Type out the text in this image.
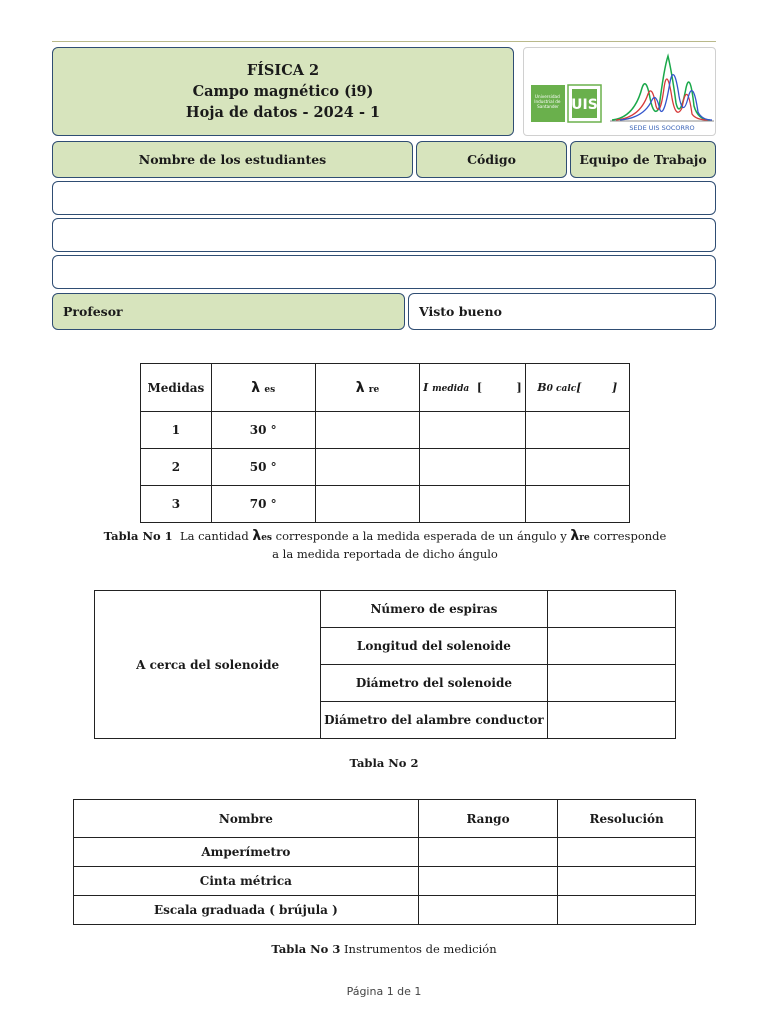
FÍSICA 2
Campo magnético (i9)
Hoja de datos - 2024 - 1
Universidad Industrial de Santander UIS
SEDE UIS SOCORRO
Nombre de los estudiantes	Código	Equipo de Trabajo
Profesor	Visto bueno
Medidas	λ es	λ re	I medida [         ]	B0 calc[        ]
1	30 °			
2	50 °			
3	70 °			
Tabla No 1 La cantidad λes corresponde a la medida esperada de un ángulo y λre corresponde
a la medida reportada de dicho ángulo
A cerca del solenoide	Número de espiras	
	Longitud del solenoide	
	Diámetro del solenoide	
	Diámetro del alambre conductor	
Tabla No 2
Nombre	Rango	Resolución
Amperímetro		
Cinta métrica		
Escala graduada ( brújula )		
Tabla No 3 Instrumentos de medición
Página 1 de 1
